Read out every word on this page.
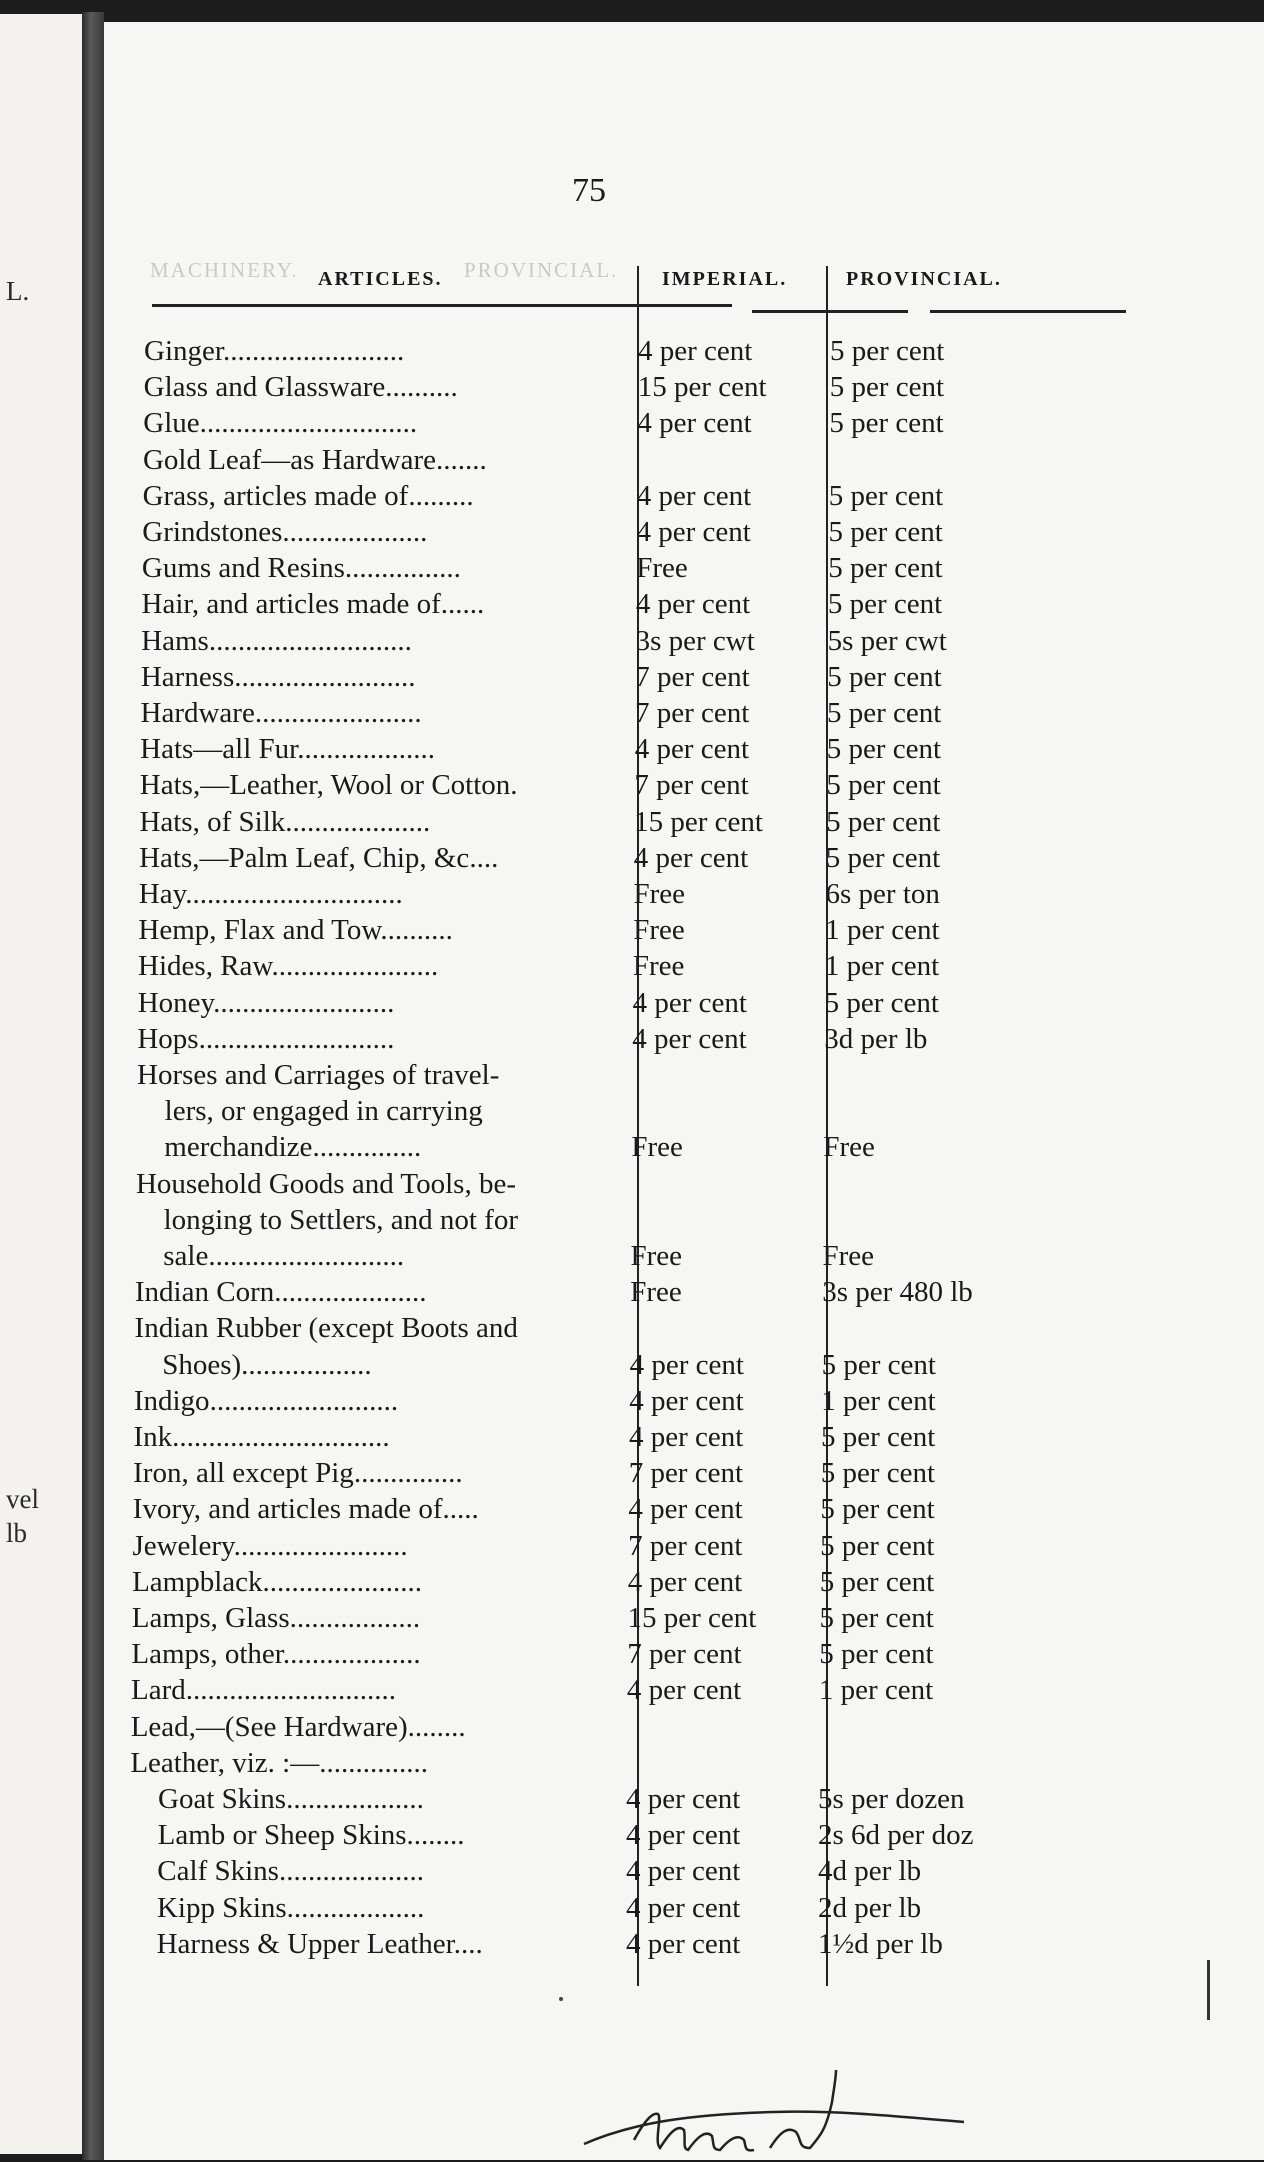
L.
vel
lb
MACHINERY.	PROVINCIAL.
75
ARTICLES.	IMPERIAL.	PROVINCIAL.
Ginger.........................	4 per cent	5 per cent
Glass and Glassware..........	15 per cent 5 per cent
Glue..............................	4 per cent	5 per cent
Gold Leaf—as Hardware.......
Grass, articles made of.........	4 per cent	5 per cent
Grindstones....................	4 per cent	5 per cent
Gums and Resins................	Free	5 per cent
Hair, and articles made of......	4 per cent	5 per cent
Hams............................	3s per cwt	5s per cwt
Harness.........................	7 per cent	5 per cent
Hardware.......................	7 per cent	5 per cent
Hats—all Fur...................	4 per cent	5 per cent
Hats,—Leather, Wool or Cotton.	7 per cent	5 per cent
Hats, of Silk....................	15 per cent 5 per cent
Hats,—Palm Leaf, Chip, &c....	4 per cent	5 per cent
Hay..............................	Free	6s per ton
Hemp, Flax and Tow..........	Free	1 per cent
Hides, Raw.......................	Free	1 per cent
Honey.........................	4 per cent	5 per cent
Hops...........................	4 per cent	3d per lb
Horses and Carriages of travel-
lers, or engaged in carrying
merchandize...............	Free	Free
Household Goods and Tools, be-
longing to Settlers, and not for
sale...........................	Free	Free
Indian Corn.....................	Free	3s per 480 lb
Indian Rubber (except Boots and
Shoes)..................	4 per cent	5 per cent
Indigo..........................	4 per cent	1 per cent
Ink..............................	4 per cent	5 per cent
Iron, all except Pig...............	7 per cent	5 per cent
Ivory, and articles made of.....	4 per cent	5 per cent
Jewelery........................	7 per cent	5 per cent
Lampblack......................	4 per cent	5 per cent
Lamps, Glass..................	15 per cent 5 per cent
Lamps, other...................	7 per cent	5 per cent
Lard.............................	4 per cent	1 per cent
Lead,—(See Hardware)........
Leather, viz. :—...............
Goat Skins...................	4 per cent	5s per dozen
Lamb or Sheep Skins........	4 per cent	2s 6d per doz
Calf Skins....................	4 per cent	4d per lb
Kipp Skins...................	4 per cent	2d per lb
Harness & Upper Leather....	4 per cent	1½d per lb
